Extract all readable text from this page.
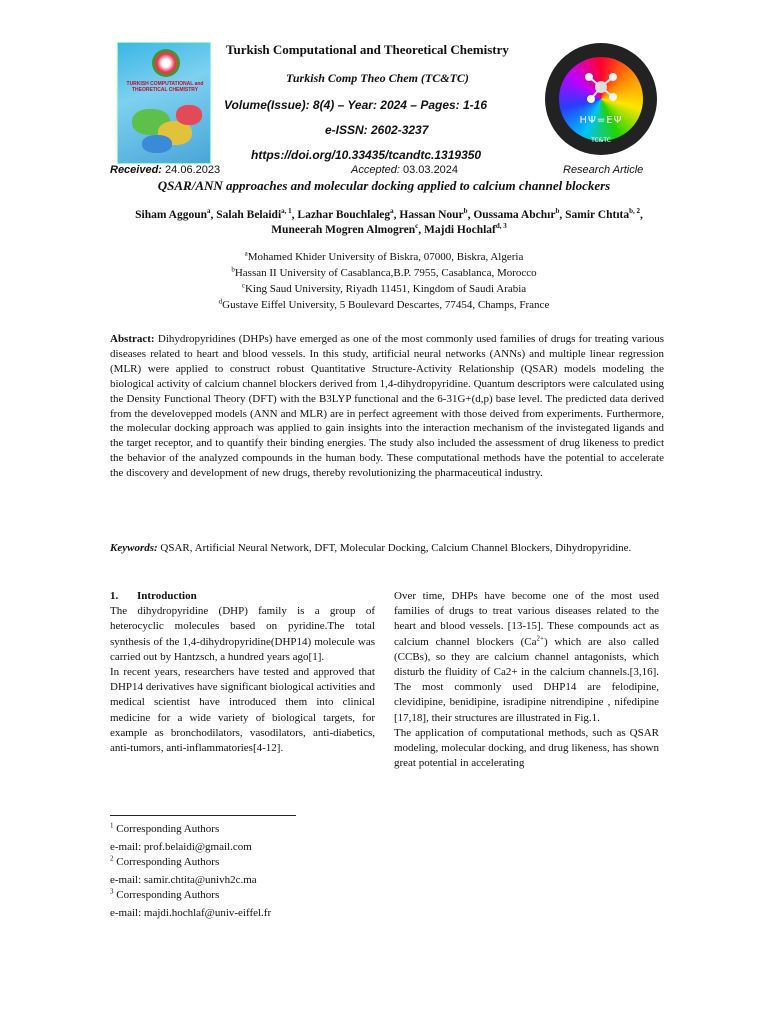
TURKISH COMPUTATIONAL and THEORETICAL CHEMISTRY
Turkish Computational and Theoretical Chemistry
Turkish Comp Theo Chem (TC&TC)
Volume(Issue): 8(4) – Year: 2024 – Pages: 1-16
e-ISSN: 2602-3237
https://doi.org/10.33435/tcandtc.1319350
HΨ=EΨ
TC&TC
Received: 24.06.2023	Accepted: 03.03.2024	Research Article
QSAR/ANN approaches and molecular docking applied to calcium channel blockers
Siham Aggoun$^a$, Salah Belaidi$^{a, 1}$, Lazhar Bouchlaleg$^a$, Hassan Nour$^b$, Oussama Abchır$^b$, Samir Chtıta$^{b, 2}$, Muneerah Mogren Almogren$^c$, Majdi Hochlaf$^{d, 3}$
$^a$Mohamed Khider University of Biskra, 07000, Biskra, Algeria
$^b$Hassan II University of Casablanca,B.P. 7955, Casablanca, Morocco
$^c$King Saud University, Riyadh 11451, Kingdom of Saudi Arabia
$^d$Gustave Eiffel University, 5 Boulevard Descartes, 77454, Champs, France
Abstract: Dihydropyridines (DHPs) have emerged as one of the most commonly used families of drugs for treating various diseases related to heart and blood vessels. In this study, artificial neural networks (ANNs) and multiple linear regression (MLR) were applied to construct robust Quantitative Structure-Activity Relationship (QSAR) models modeling the biological activity of calcium channel blockers derived from 1,4-dihydropyridine. Quantum descriptors were calculated using the Density Functional Theory (DFT) with the B3LYP functional and the 6-31G+(d,p) base level. The predicted data derived from the develovepped models (ANN and MLR) are in perfect agreement with those deived from experiments. Furthermore, the molecular docking approach was applied to gain insights into the interaction mechanism of the invistegated ligands and the target receptor, and to quantify their binding energies. The study also included the assessment of drug likeness to predict the behavior of the analyzed compounds in the human body. These computational methods have the potential to accelerate the discovery and development of new drugs, thereby revolutionizing the pharmaceutical industry.
Keywords: QSAR, Artificial Neural Network, DFT, Molecular Docking, Calcium Channel Blockers, Dihydropyridine.

1. Introduction

The dihydropyridine (DHP) family is a group of heterocyclic molecules based on pyridine.The total synthesis of the 1,4-dihydropyridine(DHP14) molecule was carried out by Hantzsch, a hundred years ago[1].

In recent years, researchers have tested and approved that DHP14 derivatives have significant biological activities and medical scientist have introduced them into clinical medicine for a wide variety of biological targets, for example as bronchodilators, vasodilators, anti-diabetics, anti-tumors, anti-inflammatories[4-12].

Over time, DHPs have become one of the most used families of drugs to treat various diseases related to the heart and blood vessels. [13-15]. These compounds act as calcium channel blockers $(Ca^{2+})$ which are also called (CCBs), so they are calcium channel antagonists, which disturb the fluidity of Ca2+ in the calcium channels.[3,16]. The most commonly used DHP14 are felodipine, clevidipine, benidipine, isradipine nitrendipine , nifedipine [17,18], their structures are illustrated in Fig.1.

The application of computational methods, such as QSAR modeling, molecular docking, and drug likeness, has shown great potential in accelerating

$^1$ Corresponding Authors
e-mail: prof.belaidi@gmail.com
$^2$ Corresponding Authors
e-mail: samir.chtita@univh2c.ma
$^3$ Corresponding Authors
e-mail: majdi.hochlaf@univ-eiffel.fr
